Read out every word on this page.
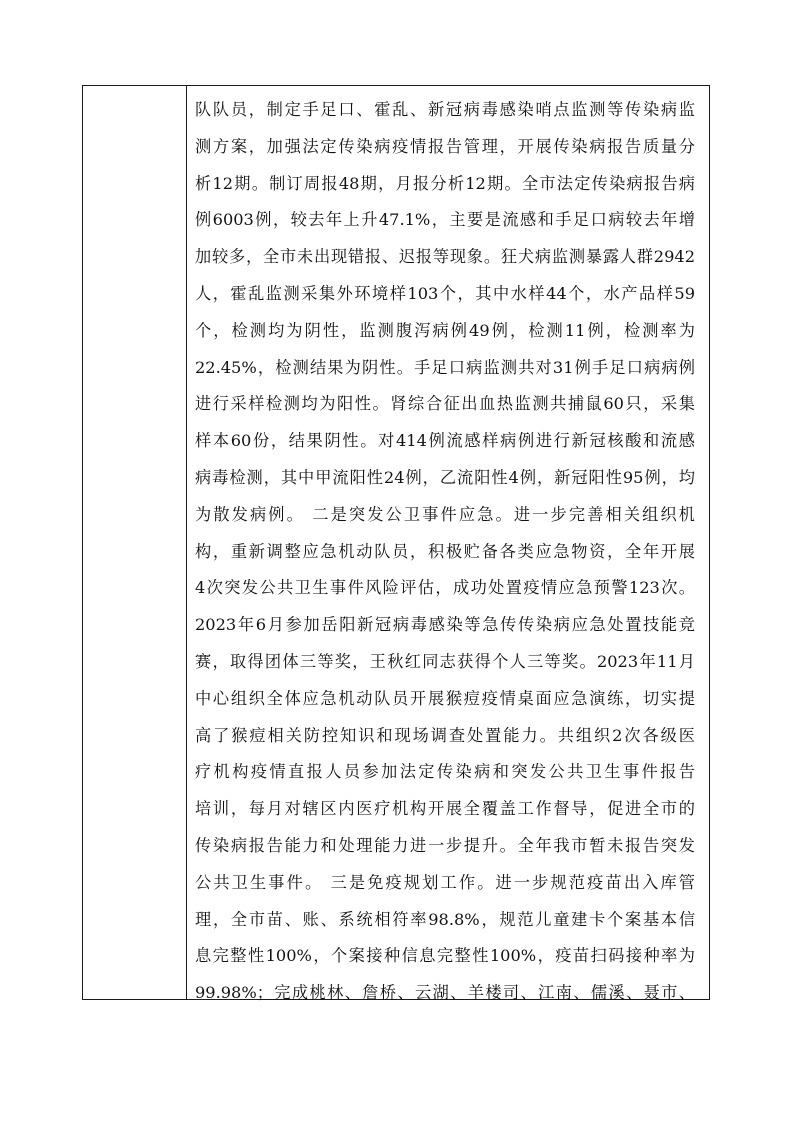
队队员，制定手足口、霍乱、新冠病毒感染哨点监测等传染病监
测方案，加强法定传染病疫情报告管理，开展传染病报告质量分
析12期。制订周报48期，月报分析12期。全市法定传染病报告病
例6003例，较去年上升47.1%，主要是流感和手足口病较去年增
加较多，全市未出现错报、迟报等现象。狂犬病监测暴露人群2942
人，霍乱监测采集外环境样103个，其中水样44个，水产品样59
个，检测均为阴性，监测腹泻病例49例，检测11例，检测率为
22.45%，检测结果为阴性。手足口病监测共对31例手足口病病例
进行采样检测均为阳性。肾综合征出血热监测共捕鼠60只，采集
样本60份，结果阴性。对414例流感样病例进行新冠核酸和流感
病毒检测，其中甲流阳性24例，乙流阳性4例，新冠阳性95例，均
为散发病例。 二是突发公卫事件应急。进一步完善相关组织机
构，重新调整应急机动队员，积极贮备各类应急物资，全年开展
4次突发公共卫生事件风险评估，成功处置疫情应急预警123次。
2023年6月参加岳阳新冠病毒感染等急传传染病应急处置技能竞
赛，取得团体三等奖，王秋红同志获得个人三等奖。2023年11月
中心组织全体应急机动队员开展猴痘疫情桌面应急演练，切实提
高了猴痘相关防控知识和现场调查处置能力。共组织2次各级医
疗机构疫情直报人员参加法定传染病和突发公共卫生事件报告
培训，每月对辖区内医疗机构开展全覆盖工作督导，促进全市的
传染病报告能力和处理能力进一步提升。全年我市暂未报告突发
公共卫生事件。 三是免疫规划工作。进一步规范疫苗出入库管
理，全市苗、账、系统相符率98.8%，规范儿童建卡个案基本信
息完整性100%，个案接种信息完整性100%，疫苗扫码接种率为
99.98%；完成桃林、詹桥、云湖、羊楼司、江南、儒溪、聂市、
